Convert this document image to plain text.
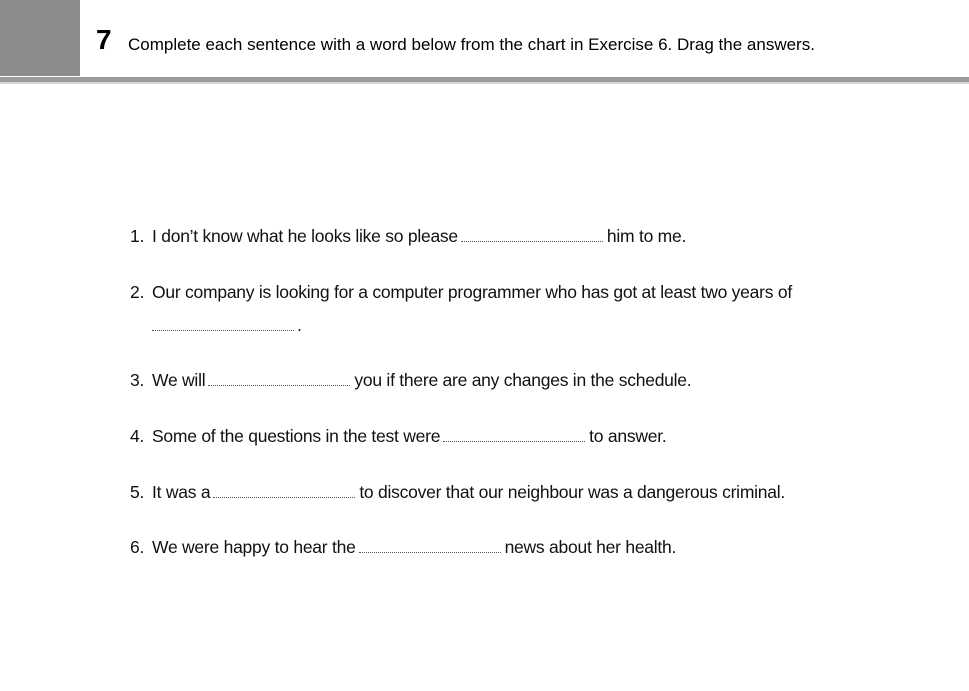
7 Complete each sentence with a word below from the chart in Exercise 6. Drag the answers.
1. I don’t know what he looks like so please	him to me.
2. Our company is looking for a computer programmer who has got at least two years of
.
3. We will	you if there are any changes in the schedule.
4. Some of the questions in the test were	to answer.
5. It was a	to discover that our neighbour was a dangerous criminal.
6. We were happy to hear the	news about her health.
